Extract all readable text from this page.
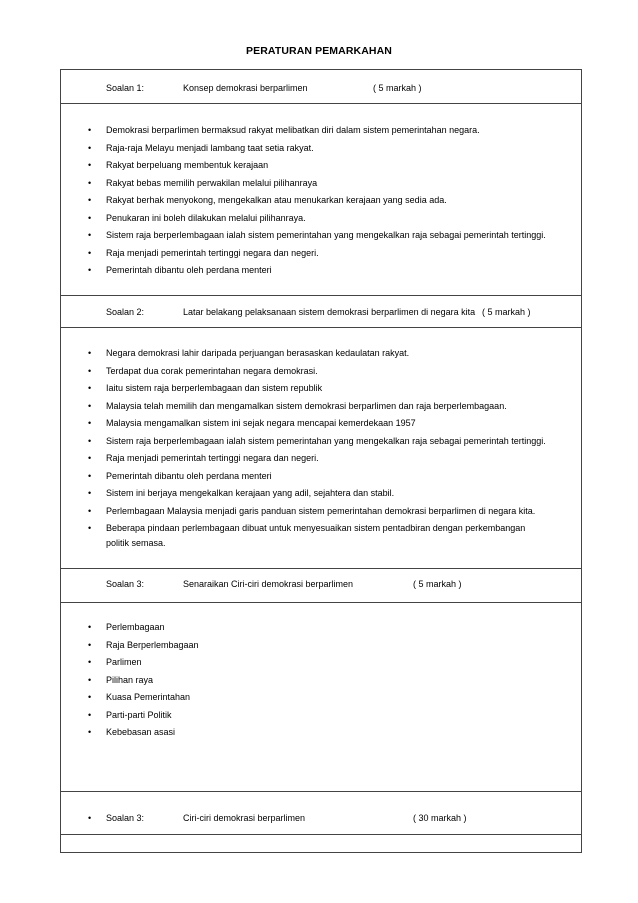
PERATURAN PEMARKAHAN
Soalan 1:	Konsep demokrasi berparlimen	( 5 markah )
• Demokrasi berparlimen bermaksud rakyat melibatkan diri dalam sistem pemerintahan negara.
• Raja-raja Melayu menjadi lambang taat setia rakyat.
• Rakyat berpeluang membentuk kerajaan
• Rakyat bebas memilih perwakilan melalui pilihanraya
• Rakyat berhak menyokong, mengekalkan atau menukarkan kerajaan yang sedia ada.
• Penukaran ini boleh dilakukan melalui pilihanraya.
• Sistem raja berperlembagaan ialah sistem pemerintahan yang mengekalkan raja sebagai pemerintah tertinggi.
• Raja menjadi pemerintah tertinggi negara dan negeri.
• Pemerintah dibantu oleh perdana menteri
Soalan 2:	Latar belakang pelaksanaan sistem demokrasi berparlimen di negara kita ( 5 markah )
• Negara demokrasi lahir daripada perjuangan berasaskan kedaulatan rakyat.
• Terdapat dua corak pemerintahan negara demokrasi.
• Iaitu sistem raja berperlembagaan dan sistem republik
• Malaysia telah memilih dan mengamalkan sistem demokrasi berparlimen dan raja berperlembagaan.
• Malaysia mengamalkan sistem ini sejak negara mencapai kemerdekaan 1957
• Sistem raja berperlembagaan ialah sistem pemerintahan yang mengekalkan raja sebagai pemerintah tertinggi.
• Raja menjadi pemerintah tertinggi negara dan negeri.
• Pemerintah dibantu oleh perdana menteri
• Sistem ini berjaya mengekalkan kerajaan yang adil, sejahtera dan stabil.
• Perlembagaan Malaysia menjadi garis panduan sistem pemerintahan demokrasi berparlimen di negara kita.
• Beberapa pindaan perlembagaan dibuat untuk menyesuaikan sistem pentadbiran dengan perkembangan
politik semasa.
Soalan 3:	Senaraikan Ciri-ciri demokrasi berparlimen	( 5 markah )
• Perlembagaan
• Raja Berperlembagaan
• Parlimen
• Pilihan raya
• Kuasa Pemerintahan
• Parti-parti Politik
• Kebebasan asasi
• Soalan 3:	Ciri-ciri demokrasi berparlimen	( 30 markah )
